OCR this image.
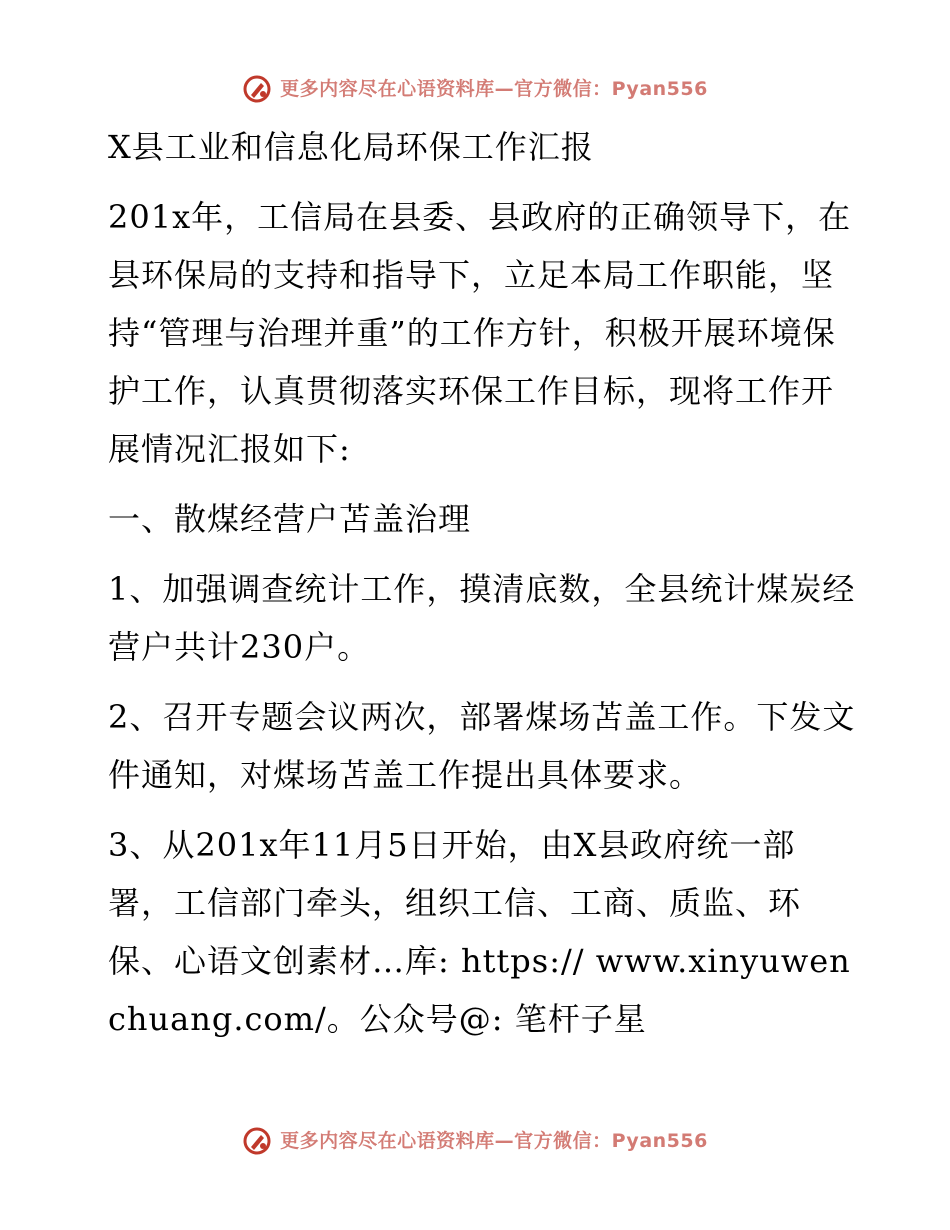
更多内容尽在心语资料库—官方微信：Pyan556

X县工业和信息化局环保工作汇报

201x年，工信局在县委、县政府的正确领导下，在县环保局的支持和指导下，立足本局工作职能，坚持“管理与治理并重”的工作方针，积极开展环境保护工作，认真贯彻落实环保工作目标，现将工作开展情况汇报如下:

一、散煤经营户苫盖治理

1、加强调查统计工作，摸清底数，全县统计煤炭经营户共计230户。

2、召开专题会议两次，部署煤场苫盖工作。下发文件通知，对煤场苫盖工作提出具体要求。

3、从201x年11月5日开始，由X县政府统一部署，工信部门牵头，组织工信、工商、质监、环保、心语文创素材…库: https:// www.xinyuwenchuang.com/。公众号@: 笔杆子星

更多内容尽在心语资料库—官方微信：Pyan556
